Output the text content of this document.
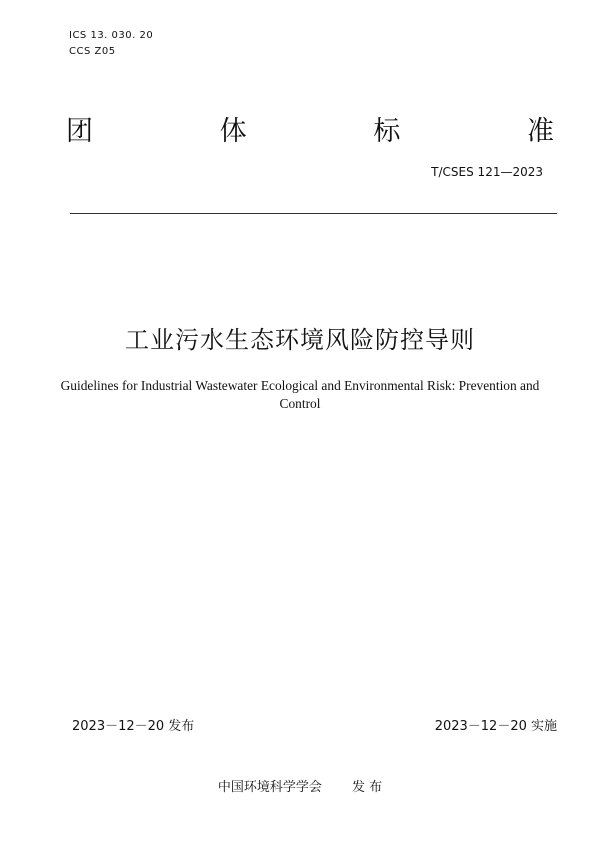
ICS 13. 030. 20
CCS Z05
团	体	标	准
T/CSES 121—2023
工业污水生态环境风险防控导则
Guidelines for Industrial Wastewater Ecological and Environmental Risk: Prevention and Control
2023－12－20 发布	2023－12－20 实施
中国环境科学学会 发 布
